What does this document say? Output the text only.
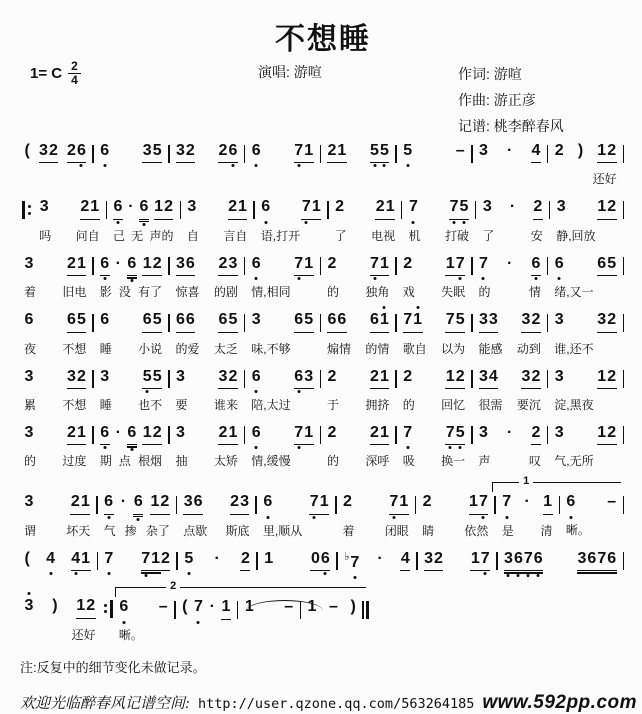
不想睡
1= C $\frac{2}{4}$	演唱: 游喧	作词: 游喧
作曲: 游正彦
记谱: 桃李醉春风
( 3 2 2 6 6 3 5 3 2 2 6 6 7 1 2 1 5 5 5	– 3 · 4 2 ) 1 2
还好
3 2 1
吗 问自
6 · 6 1 2
己 无 声的
3 2 1
自 言自
6 7 1
语,打开
2 2 1
了 电视
7 7 5
机 打破
3 · 2
了	安
3 1 2
静,回放
3 2 1
着 旧电
6 · 6 1 2
影 没 有了
3 6 2 3
惊喜 的剧
6 7 1
情,相同
2 7 1
的 独角
2 1 7
戏 失眠
7 · 6
的	情
6 6 5
绪,又一
6 6 5
夜 不想
6 6 5
睡 小说
6 6 6 5
的爱 太乏
3 6 5
味,不够
6 6 6 1
煽情 的情
7 1 7 5
歌自 以为
3 3 3 2
能感 动到
3 3 2
谁,还不
3 3 2
累 不想
3 5 5
睡 也不
3 3 2
要 谁来
6 6 3
陪,太过
2 2 1
于 拥挤
2 1 2
的 回忆
3 4 3 2
很需 要沉
3 1 2
淀,黑夜
3 2 1
的 过度
6 · 6 1 2
期 点 根烟
3 2 1
抽 太矫
6 7 1
情,缓慢
2 2 1
的 深呼
7 7 5
吸 换一
3 · 2
声	叹
3 1 2
气,无所
3 2 1
谓	坏天
6 · 6 1 2
气 掺 杂了
3 6 2 3
点歇 斯底
6 7 1
里,顺从
2 7 1
着	闭眼
2 1 7
睛	依然
1
7 · 1
是 清
6 –
晰。
( 4 4 1 7 7 1 2 5 · 2 1 0 6 ♭ 7 · 4 3 2 1 7 3 6 7 6 3 6 7 6
3 ) 1 2
还好
2
6 –
晰。
( 7 · 1 1 – 1 – )
注:反复中的细节变化未做记录。
欢迎光临醉春风记谱空间: http://user.qzone.qq.com/563264185 www.592pp.com
